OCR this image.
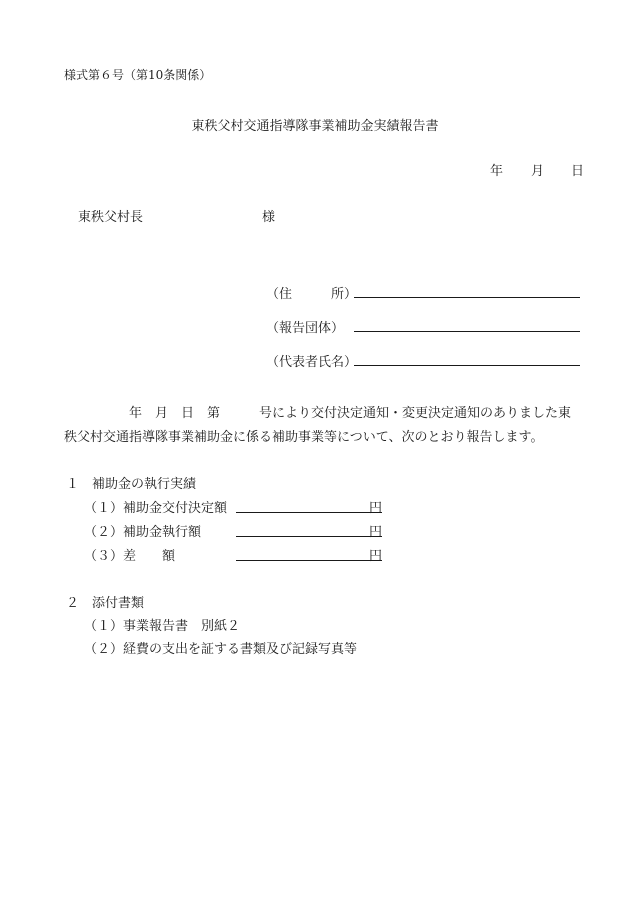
様式第６号（第10条関係）
東秩父村交通指導隊事業補助金実績報告書
年 月 日
東秩父村長	様
（住　　　所）
（報告団体）
（代表者氏名）
　　　　　年　月　日　第　　　号により交付決定通知・変更決定通知のありました東
秩父村交通指導隊事業補助金に係る補助事業等について、次のとおり報告します。
１　補助金の執行実績
（１）補助金交付決定額	円
（２）補助金執行額	円
（３）差　　額	円
２　添付書類
（１）事業報告書　別紙２
（２）経費の支出を証する書類及び記録写真等
